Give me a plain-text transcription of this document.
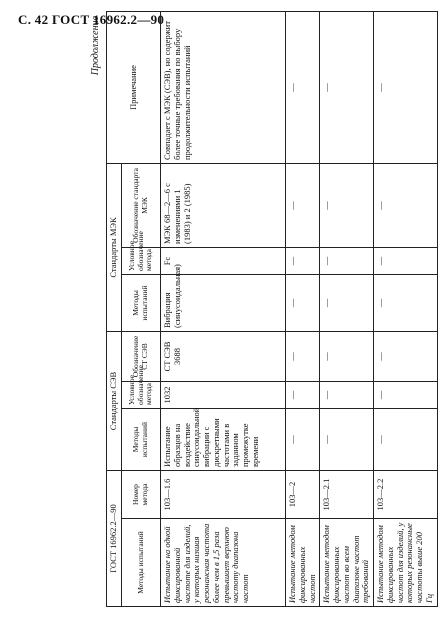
С. 42 ГОСТ 16962.2—90
Продолжение
ГОСТ 16962.2—90		Стандарты СЭВ			Стандарты МЭК			Примечание
Методы испытаний	Номер метода	Методы испытаний	Условное обозначение метода	Обозначение СТ СЭВ	Методы испытаний	Условное обозначение метода	Обозначение стандарта МЭК	
Испытание на одной фиксированной частоте для изделий, у которых низшая резонансная частота более чем в 1,5 раза превышает верхнюю частоту диапазона частот	103—1.6	Испытание образцов на воздействие синусоидальной вибрации с дискретными частотами в заданном промежутке времени	1032	СТ СЭВ 3688	Вибрация (синусоидальная)	Fc	МЭК 68—2—6 с изменениями 1 (1983) и 2 (1985)	Совпадает с МЭК (СЭВ), но содержит более точные требования по выбору продолжительности испытаний
Испытание методом фиксированных частот	103—2	—	—	—	—	—	—	—
Испытание методом фиксированных частот во всем диапазоне частот требований	103—2.1	—	—	—	—	—	—	—
Испытание методом фиксированных частот для изделий, у которых резонансные частоты выше 200 Гц	103—2.2	—	—	—	—	—	—	—
